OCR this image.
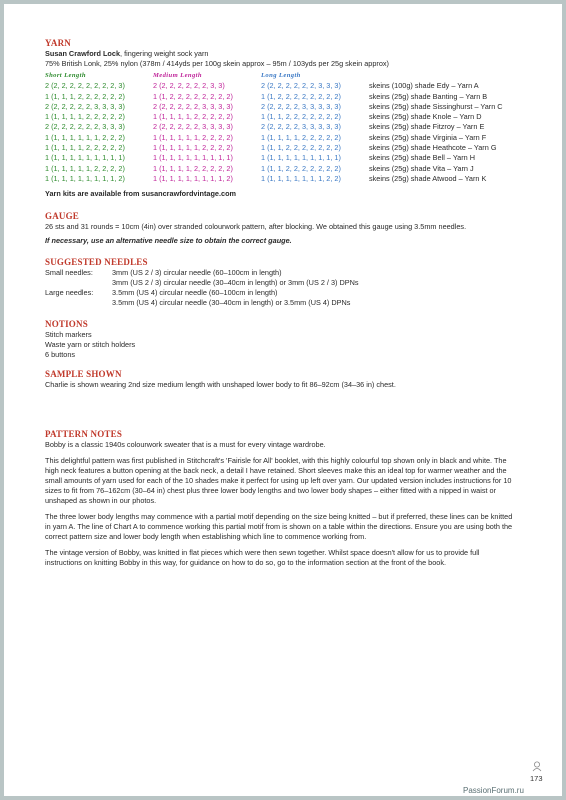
YARN

Susan Crawford Lock, fingering weight sock yarn

75% British Lonk, 25% nylon (378m / 414yds per 100g skein approx – 95m / 103yds per 25g skein approx)

Short Length	Medium Length	Long Length
2 (2, 2, 2, 2, 2, 2, 2, 2, 3)	2 (2, 2, 2, 2, 2, 2, 3, 3)	2 (2, 2, 2, 2, 2, 2, 3, 3, 3)	skeins (100g) shade Edy – Yarn A
1 (1, 1, 1, 2, 2, 2, 2, 2, 2)	1 (1, 2, 2, 2, 2, 2, 2, 2, 2)	1 (1, 2, 2, 2, 2, 2, 2, 2, 2)	skeins (25g) shade Banting – Yarn B
2 (2, 2, 2, 2, 2, 3, 3, 3, 3)	2 (2, 2, 2, 2, 2, 3, 3, 3, 3)	2 (2, 2, 2, 2, 3, 3, 3, 3, 3)	skeins (25g) shade Sissinghurst – Yarn C
1 (1, 1, 1, 1, 2, 2, 2, 2, 2)	1 (1, 1, 1, 1, 2, 2, 2, 2, 2)	1 (1, 1, 2, 2, 2, 2, 2, 2, 2)	skeins (25g) shade Knole – Yarn D
2 (2, 2, 2, 2, 2, 2, 3, 3, 3)	2 (2, 2, 2, 2, 2, 3, 3, 3, 3)	2 (2, 2, 2, 2, 3, 3, 3, 3, 3)	skeins (25g) shade Fitzroy – Yarn E
1 (1, 1, 1, 1, 1, 1, 2, 2, 2)	1 (1, 1, 1, 1, 1, 2, 2, 2, 2)	1 (1, 1, 1, 1, 2, 2, 2, 2, 2)	skeins (25g) shade Virginia – Yarn F
1 (1, 1, 1, 1, 2, 2, 2, 2, 2)	1 (1, 1, 1, 1, 1, 2, 2, 2, 2)	1 (1, 1, 2, 2, 2, 2, 2, 2, 2)	skeins (25g) shade Heathcote – Yarn G
1 (1, 1, 1, 1, 1, 1, 1, 1, 1)	1 (1, 1, 1, 1, 1, 1, 1, 1, 1)	1 (1, 1, 1, 1, 1, 1, 1, 1, 1)	skeins (25g) shade Bell – Yarn H
1 (1, 1, 1, 1, 1, 2, 2, 2, 2)	1 (1, 1, 1, 1, 2, 2, 2, 2, 2)	1 (1, 1, 2, 2, 2, 2, 2, 2, 2)	skeins (25g) shade Vita – Yarn J
1 (1, 1, 1, 1, 1, 1, 1, 1, 2)	1 (1, 1, 1, 1, 1, 1, 1, 1, 2)	1 (1, 1, 1, 1, 1, 1, 1, 2, 2)	skeins (25g) shade Atwood – Yarn K

Yarn kits are available from susancrawfordvintage.com

GAUGE

26 sts and 31 rounds = 10cm (4in) over stranded colourwork pattern, after blocking. We obtained this gauge using 3.5mm needles.

If necessary, use an alternative needle size to obtain the correct gauge.

SUGGESTED NEEDLES

Small needles:	3mm (US 2 / 3) circular needle (60–100cm in length)
3mm (US 2 / 3) circular needle (30–40cm in length) or 3mm (US 2 / 3) DPNs
Large needles:	3.5mm (US 4) circular needle (60–100cm in length)
3.5mm (US 4) circular needle (30–40cm in length) or 3.5mm (US 4) DPNs

NOTIONS

Stitch markers

Waste yarn or stitch holders

6 buttons

SAMPLE SHOWN

Charlie is shown wearing 2nd size medium length with unshaped lower body to fit 86–92cm (34–36 in) chest.

PATTERN NOTES

Bobby is a classic 1940s colourwork sweater that is a must for every vintage wardrobe.

This delightful pattern was first published in Stitchcraft's 'Fairisle for All' booklet, with this highly colourful top shown only in black and white. The high neck features a button opening at the back neck, a detail I have retained. Short sleeves make this an ideal top for warmer weather and the small amounts of yarn used for each of the 10 shades make it perfect for using up left over yarn. Our updated version includes instructions for 10 sizes to fit from 76–162cm (30–64 in) chest plus three lower body lengths and two lower body shapes – either fitted with a nipped in waist or unshaped as shown in our photos.

The three lower body lengths may commence with a partial motif depending on the size being knitted – but if preferred, these lines can be knitted in yarn A. The line of Chart A to commence working this partial motif from is shown on a table within the directions. Ensure you are using both the correct pattern size and lower body length when establishing which line to commence working from.

The vintage version of Bobby, was knitted in flat pieces which were then sewn together. Whilst space doesn't allow for us to provide full instructions on knitting Bobby in this way, for guidance on how to do so, go to the information section at the front of the book.

173
PassionForum.ru
